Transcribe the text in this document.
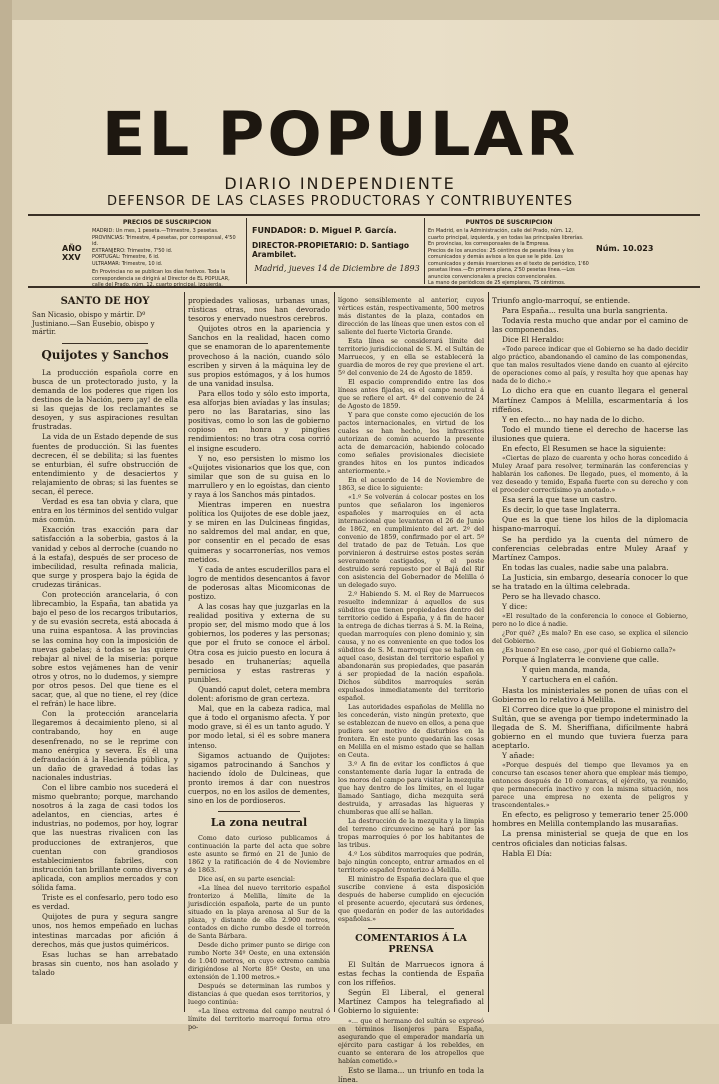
EL POPULAR
DIARIO INDEPENDIENTE
DEFENSOR DE LAS CLASES PRODUCTORAS Y CONTRIBUYENTES
PRECIOS DE SUSCRIPCION
MADRID: Un mes, 1 peseta.—Trimestre, 3 pesetas.
PROVINCIAS: Trimestre, 4 pesetas, por corresponsal, 4'50 id.
EXTRANJERO: Trimestre, 7'50 id.
PORTUGAL: Trimestre, 6 id.
ULTRAMAR: Trimestre, 10 id.
En Provincias no se publican los días festivos. Toda la correspondencia se dirigirá al Director de EL POPULAR, calle del Prado, núm. 12, cuarto principal, izquierda.
AÑO XXV
FUNDADOR: D. Miguel P. García.
DIRECTOR-PROPIETARIO: D. Santiago Arambilet.
Madrid, jueves 14 de Diciembre de 1893
PUNTOS DE SUSCRIPCION
En Madrid, en la Administración, calle del Prado, núm. 12, cuarto principal, izquierda, y en todas las principales librerías. En provincias, los corresponsales de la Empresa.
Precios de los anuncios: 25 céntimos de peseta línea y los comunicados y demás avisos a los que se le pide. Los comunicados y demás inserciones en el texto de periódico, 1'60 pesetas línea.—En primera plana, 2'50 pesetas línea.—Los anuncios convencionales a precios convencionales.
La mano de periódicos de 25 ejemplares, 75 céntimos.
Núm. 10.023
SANTO DE HOY
San Nicasio, obispo y mártir. Dº Justiniano.—San Eusebio, obispo y mártir.
Quijotes y Sanchos

La producción española corre en busca de un protectorado justo, y la demanda de los poderes que rigen los destinos de la Nación, pero ¡ay! de ella si las quejas de los reclamantes se desoyen, y sus aspiraciones resultan frustradas.

La vida de un Estado depende de sus fuentes de producción. Si las fuentes decrecen, él se debilita; si las fuentes se enturbian, él sufre obstrucción de entendimiento y de desaciertos y relajamiento de obras; si las fuentes se secan, él perece.

Verdad es esa tan obvia y clara, que entra en los términos del sentido vulgar más común.

Exacción tras exacción para dar satisfacción a la soberbia, gastos á la vanidad y cebos al derroche (cuando no á la estafa), después de ser proceso de imbecilidad, resulta refinada malicia, que surge y prospera bajo la égida de crudezas tiránicas.

Con protección arancelaria, ó con librecambio, la España, tan abatida ya bajo el peso de los recargos tributarios, y de su evasión secreta, está abocada á una ruina espantosa. A las provincias se las comina hoy con la imposición de nuevas gabelas; á todas se las quiere rebajar al nivel de la miseria: porque sobre estos vejámenes han de venir otros y otros, no lo dudemos, y siempre por otros pesos. Del que tiene es el sacar, que, al que no tiene, el rey (dice el refrán) le hace libre.

Con la protección arancelaria llegaremos á decaimiento pleno, si al contrabando, hoy en auge desenfrenado, no se le reprime con mano enérgica y severa. Es él una defraudación á la Hacienda pública, y un daño de gravedad á todas las nacionales industrias.

Con el libre cambio nos sucederá el mismo quebranto; porque, marchando nosotros á la zaga de casi todos los adelantos, en ciencias, artes é industrias, no podemos, por hoy, lograr que las nuestras rivalicen con las producciones de extranjeros, que cuentan con grandiosos establecimientos fabriles, con instrucción tan brillante como diversa y aplicada, con amplios mercados y con sólida fama.

Triste es el confesarlo, pero todo eso es verdad.

Quijotes de pura y segura sangre unos, nos hemos empeñado en luchas intestinas marcadas por afición á derechos, más que justos quiméricos.

Esas luchas se han arrebatado brasas sin cuento, nos han asolado y talado

propiedades valiosas, urbanas unas, rústicas otras, nos han devorado tesoros y enervado nuestros cerebros.

Quijotes otros en la apariencia y Sanchos en la realidad, hacen como que se enamoran de lo aparentemente provechoso á la nación, cuando sólo escriben y sirven á la máquina ley de sus propios estómagos, y á los humos de una vanidad insulsa.

Para ellos todo y sólo esto importa, esa alforjas bien avíadas y las ínsulas; pero no las Baratarias, sino las positivas, como lo son las de gobierno copioso en honra y pingües rendimientos: no tras otra cosa corrió el insigne escudero.

Y no, eso persisten lo mismo los «Quijotes visionarios que los que, con similar que son de su guisa en lo marrullero y en lo egoístas, dan ciento y raya á los Sanchos más pintados.

Mientras imperen en nuestra política los Quijotes de ese doble jaez, y se miren en las Dulcineas fingidas, no saldremos del mal andar, en que, por consentir en el pecado de esas quimeras y socarronerías, nos vemos metidos.

Y cada de antes escuderillos para el logro de mentidos desencantos á favor de poderosas altas Micomiconas de postizo.

A las cosas hay que juzgarlas en la realidad positiva y externa de su propio ser, del mismo modo que á los gobiernos, los poderes y las personas; que por el fruto se conoce el árbol. Otra cosa es juicio puesto en locura á besado en truhanerías; aquella perniciosa y estas rastreras y punibles.

Quandó caput dolet, cetera membra dolent: aforismo de gran certeza.

Mal, que en la cabeza radica, mal que á todo el organismo afecta. Y por modo grave, si él es un tanto agudo. Y por modo letal, si él es sobre manera intenso.

Sigamos actuando de Quijotes: sigamos patrocinando á Sanchos y haciendo ídolo de Dulcineas, que pronto iremos á dar con nuestros cuerpos, no en los asilos de dementes, sino en los de pordioseros.

La zona neutral

Como dato curioso publicamos á continuación la parte del acta que sobre este asunto se firmó en 21 de Junio de 1862 y la ratificación de 4 de Noviembre de 1863.

Dice así, en su parte esencial:

«La línea del nuevo territorio español fronterizo á Melilla, límite de la jurisdicción española, parte de un punto situado en la playa arenosa al Sur de la plaza, y distante de ella 2.900 metros, contados en dicho rumbo desde el torreón de Santa Bárbara.

Desde dicho primer punto se dirige con rumbo Norte 34º Oeste, en una extensión de 1.040 metros, en cuyo extremo cambia dirigiéndose al Norte 85º Oeste, en una extensión de 1.100 metros.»

Después se determinan las rumbos y distancias á que quedan esos territorios, y luego continúa:

«La línea extrema del campo neutral ó límite del territorio marroquí forma otro po-

lígono sensiblemente al anterior, cuyos vértices están, respectivamente, 500 metros más distantes de la plaza, contados en dirección de las líneas que unen estos con el saliente del fuerte Victoria Grande.

Esta línea se considerará límite del territorio jurisdiccional de S. M. el Sultán de Marruecos, y en ella se establecerá la guardia de moros de rey que previene el art. 5º del convenio de 24 de Agosto de 1859.

El espacio comprendido entre las dos líneas antes fijadas, es el campo neutral á que se refiere el art. 4º del convenio de 24 de Agosto de 1859.

Y para que conste como ejecución de los pactos internacionales, en virtud de los cuales se han hecho, los infrascritos autorizan de común acuerdo la presente acta de demarcación, habiendo colocado como señales provisionales diecisiete grandes hitos en los puntos indicados anteriormente.»

En el acuerdo de 14 de Noviembre de 1863, se dice lo siguiente:

«1.º Se volverán á colocar postes en los puntos que señalaron los ingenieros españoles y marroquíes en el acta internacional que levantaron el 26 de Junio de 1862, en cumplimiento del art. 2º del convenio de 1859, confirmado por el art. 5º del tratado de paz de Tetuán. Los que porvinieron á destruirse estos postes serán severamente castigados, y el poste destruido será repuesto por el Bajá del Rif con asistencia del Gobernador de Melilla ó un delegado suyo.

2.º Habiendo S. M. el Rey de Marruecos resuelto indemnizar á aquellos de sus súbditos que tienen propiedades dentro del territorio cedido á España, y á fin de hacer la entrega de dichas tierras á S. M. la Reina, quedan marroquíes con pleno dominio y, sin causa, y no es conveniente en que todos los súbditos de S. M. marroquí que se hallen en aquel caso, desistan del territorio español y abandonarán sus propiedades, que pasarán á ser propiedad de la nación española. Dichos súbditos marroquíes serán expulsados inmediatamente del territorio español.

Las autoridades españolas de Melilla no les concederán, visto ningún pretexto, que se establezcan de nuevo en ellos, a pena que pudiera ser motivo de disturbios en la frontera. En este punto quedarán las cosas en Melilla en el mismo estado que se hallan en Ceuta.

3.º A fin de evitar los conflictos á que constantemente daría lugar la entrada de los moros del campo para visitar la mezquita que hay dentro de los límites, en el lugar llamado Santiago, dicha mezquita será destruida, y arrasadas las higueras y chumberas que allí se hallan.

La destrucción de la mezquita y la limpia del terreno circunvecino se hará por las tropas marroquíes ó por los habitantes de las tribus.

4.º Los súbditos marroquíes que podrán, bajo ningún concepto, entrar armados en el territorio español fronterizo á Melilla.

El ministro de España declara que el que suscribe conviene á esta disposición después de haberse cumplido en ejecución el presente acuerdo, ejecutará sus órdenes, que quedarán en poder de las autoridades españolas.»

COMENTARIOS Á LA PRENSA

El Sultán de Marruecos ignora á estas fechas la contienda de España con los riffeños.

Según El Liberal, el general Martínez Campos ha telegrafiado al Gobierno lo siguiente:

«... que el hermano del sultán se expresó en términos lisonjeros para España, asegurando que el emperador mandaría un ejército para castigar á los rebeldes, en cuanto se enterara de los atropellos que habían cometido.»

Esto se llama... un triunfo en toda la línea.

Triunfo anglo-marroquí, se entiende.

Para España... resulta una burla sangrienta.

Todavía resta mucho que andar por el camino de las componendas.

Dice El Heraldo:

«Todo parece indicar que el Gobierno se ha dado decidir algo práctico, abandonando el camino de las componendas, que tan malos resultados viene dando en cuanto al ejército de operaciones como al país, y resulta hoy que apenas hay nada de lo dicho.»

Lo dicho era que en cuanto llegara el general Martínez Campos á Melilla, escarmentaría á los riffeños.

Y en efecto... no hay nada de lo dicho.

Todo el mundo tiene el derecho de hacerse las ilusiones que quiera.

En efecto, El Resumen se hace la siguiente:

«Ciertas de plazo de cuarenta y ocho horas concedido á Muley Araaf para resolver, terminarán las conferencias y hablarán los cañones. De llegado, pues, el momento, á la vez deseado y temido, España fuerte con su derecho y con el proceder correctísimo ya anotado.»

Esa será la que tase un castro.

Es decir, lo que tase Inglaterra.

Que es la que tiene los hilos de la diplomacia hispano-marroquí.

Se ha perdido ya la cuenta del número de conferencias celebradas entre Muley Araaf y Martínez Campos.

En todas las cuales, nadie sabe una palabra.

La Justicia, sin embargo, desearía conocer lo que se ha tratado en la última celebrada.

Pero se ha llevado chasco.

Y dice:

«El resultado de la conferencia lo conoce el Gobierno, pero no lo dice á nadie.

¿Por qué? ¿Es malo? En ese caso, se explica el silencio del Gobierno.

¿Es bueno? En ese caso, ¿por qué el Gobierno calla?»

Porque á Inglaterra le conviene que calle.

Y quien manda, manda,

Y cartuchera en el cañón.

Hasta los ministeriales se ponen de uñas con el Gobierno en lo relativo á Melilla.

El Correo dice que lo que propone el ministro del Sultán, que se avenga por tiempo indeterminado la llegada de S. M. Sheriffiana, difícilmente habrá gobierno en el mundo que tuviera fuerza para aceptarlo.

Y añade:

«Porque después del tiempo que llevamos ya en concurso tan escasos tener ahora que emplear más tiempo, entonces después de 10 comarcas, el ejército, ya reunido, que permanecería inactivo y con la misma situación, nos parece una empresa no exenta de peligros y trascendentales.»

En efecto, es peligroso y temerario tener 25.000 hombres en Melilla contemplando las musarañas.

La prensa ministerial se queja de que en los centros oficiales dan noticias falsas.

Habla El Día:
